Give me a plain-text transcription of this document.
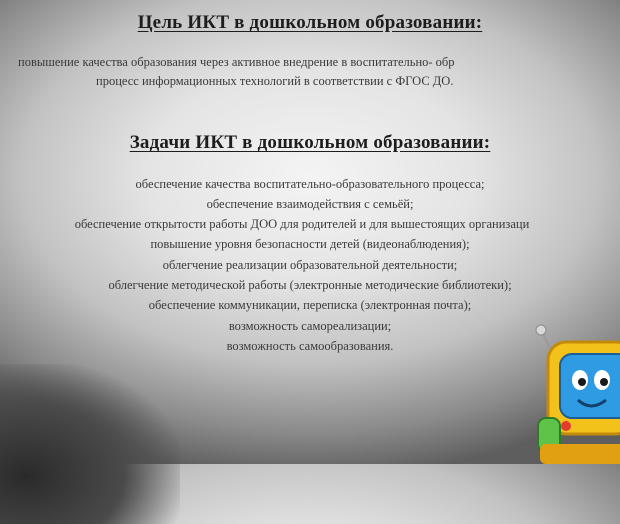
Цель ИКТ в дошкольном образовании:
повышение качества образования через активное внедрение в воспитательно- обр
процесс информационных технологий в соответствии с ФГОС ДО.
Задачи ИКТ в дошкольном образовании:
обеспечение качества воспитательно-образовательного процесса;
обеспечение взаимодействия с семьёй;
обеспечение открытости работы ДОО для родителей и для вышестоящих организаци
повышение уровня безопасности детей (видеонаблюдения);
облегчение реализации образовательной деятельности;
облегчение методической работы (электронные методические библиотеки);
обеспечение коммуникации, переписка (электронная почта);
возможность самореализации;
возможность самообразования.
